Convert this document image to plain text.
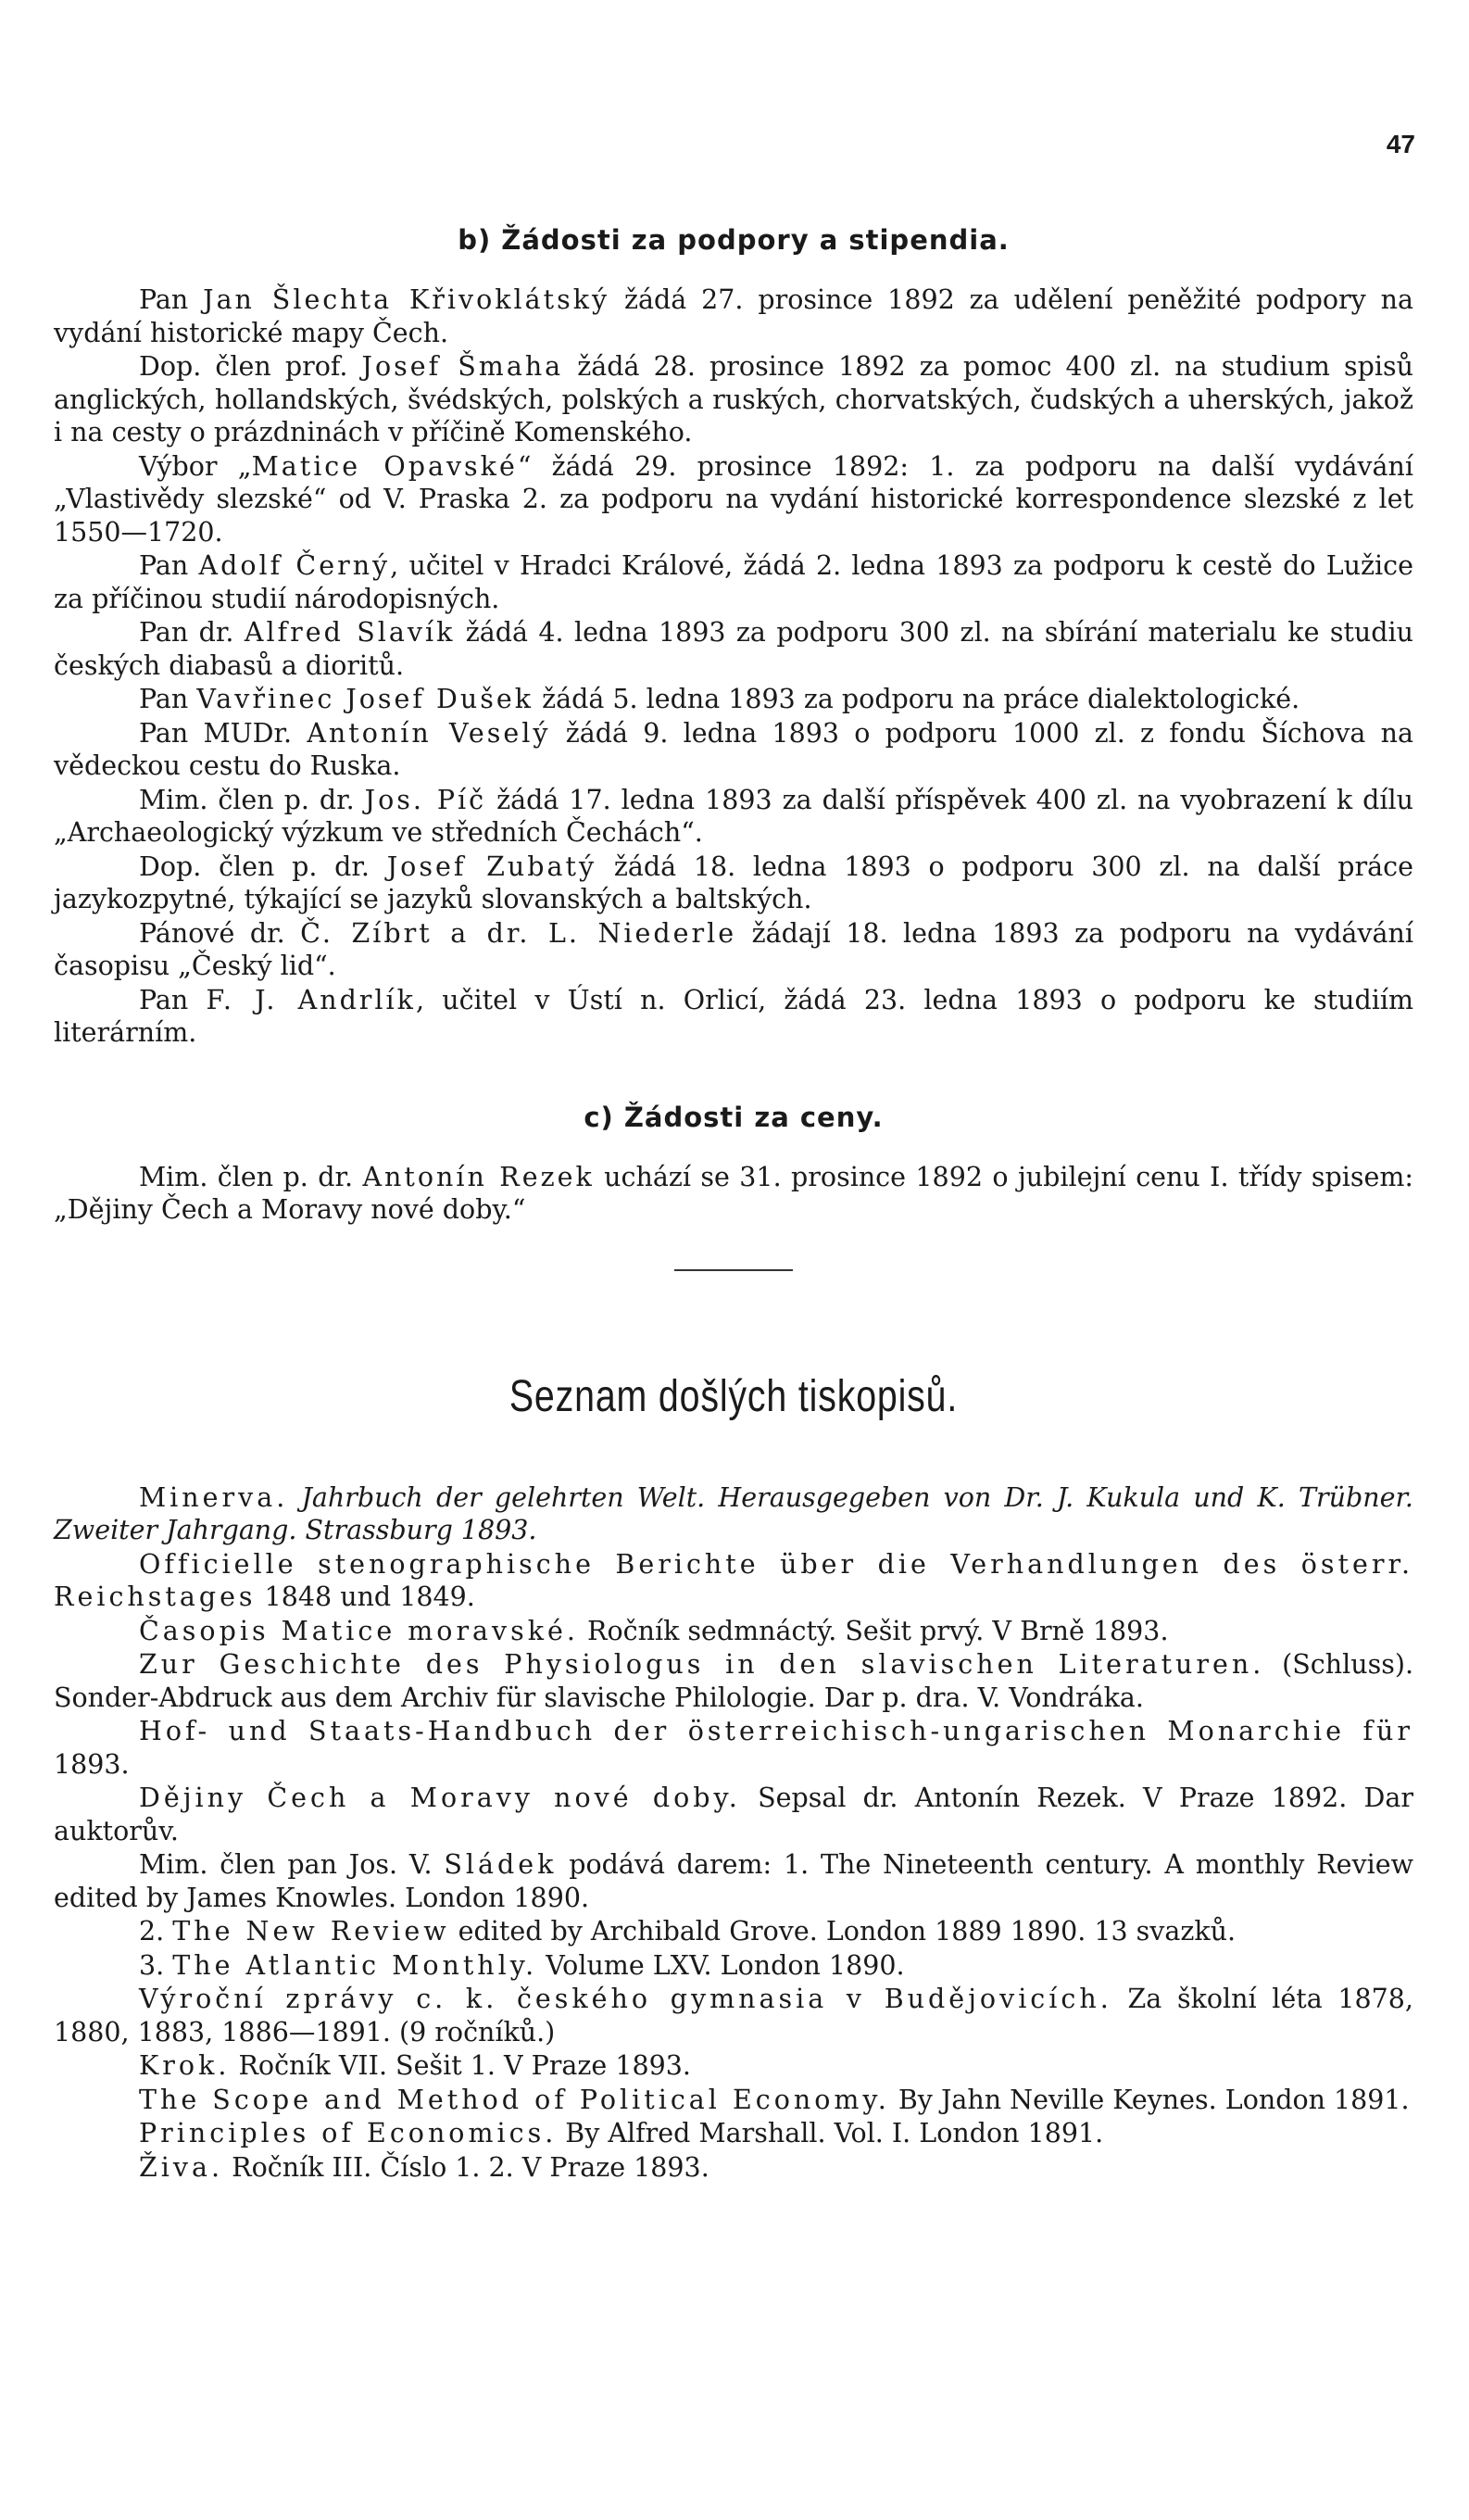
47
b) Žádosti za podpory a stipendia.

Pan Jan Šlechta Křivoklátský žádá 27. prosince 1892 za udělení peněžité podpory na vydání historické mapy Čech.

Dop. člen prof. Josef Šmaha žádá 28. prosince 1892 za pomoc 400 zl. na studium spisů anglických, hollandských, švédských, polských a ruských, chorvatských, čudských a uherských, jakož i na cesty o prázdninách v příčině Komenského.

Výbor „Matice Opavské“ žádá 29. prosince 1892: 1. za podporu na další vydávání „Vlastivědy slezské“ od V. Praska 2. za podporu na vydání historické korrespondence slezské z let 1550—1720.

Pan Adolf Černý, učitel v Hradci Králové, žádá 2. ledna 1893 za podporu k cestě do Lužice za příčinou studií národopisných.

Pan dr. Alfred Slavík žádá 4. ledna 1893 za podporu 300 zl. na sbírání materialu ke studiu českých diabasů a dioritů.

Pan Vavřinec Josef Dušek žádá 5. ledna 1893 za podporu na práce dialektologické.

Pan MUDr. Antonín Veselý žádá 9. ledna 1893 o podporu 1000 zl. z fondu Šíchova na vědeckou cestu do Ruska.

Mim. člen p. dr. Jos. Píč žádá 17. ledna 1893 za další příspěvek 400 zl. na vyobrazení k dílu „Archaeologický výzkum ve středních Čechách“.

Dop. člen p. dr. Josef Zubatý žádá 18. ledna 1893 o podporu 300 zl. na další práce jazykozpytné, týkající se jazyků slovanských a baltských.

Pánové dr. Č. Zíbrt a dr. L. Niederle žádají 18. ledna 1893 za podporu na vydávání časopisu „Český lid“.

Pan F. J. Andrlík, učitel v Ústí n. Orlicí, žádá 23. ledna 1893 o podporu ke studiím literárním.

c) Žádosti za ceny.

Mim. člen p. dr. Antonín Rezek uchází se 31. prosince 1892 o jubilejní cenu I. třídy spisem: „Dějiny Čech a Moravy nové doby.“

Seznam došlých tiskopisů.

Minerva. Jahrbuch der gelehrten Welt. Herausgegeben von Dr. J. Kukula und K. Trübner. Zweiter Jahrgang. Strassburg 1893.

Officielle stenographische Berichte über die Verhandlungen des österr. Reichstages 1848 und 1849.

Časopis Matice moravské. Ročník sedmnáctý. Sešit prvý. V Brně 1893.

Zur Geschichte des Physiologus in den slavischen Literaturen. (Schluss). Sonder-Abdruck aus dem Archiv für slavische Philologie. Dar p. dra. V. Vondráka.

Hof- und Staats-Handbuch der österreichisch-ungarischen Monarchie für 1893.

Dějiny Čech a Moravy nové doby. Sepsal dr. Antonín Rezek. V Praze 1892. Dar auktorův.

Mim. člen pan Jos. V. Sládek podává darem: 1. The Nineteenth century. A monthly Review edited by James Knowles. London 1890.

2. The New Review edited by Archibald Grove. London 1889 1890. 13 svazků.

3. The Atlantic Monthly. Volume LXV. London 1890.

Výroční zprávy c. k. českého gymnasia v Budějovicích. Za školní léta 1878, 1880, 1883, 1886—1891. (9 ročníků.)

Krok. Ročník VII. Sešit 1. V Praze 1893.

The Scope and Method of Political Economy. By Jahn Neville Keynes. London 1891.

Principles of Economics. By Alfred Marshall. Vol. I. London 1891.

Živa. Ročník III. Číslo 1. 2. V Praze 1893.
